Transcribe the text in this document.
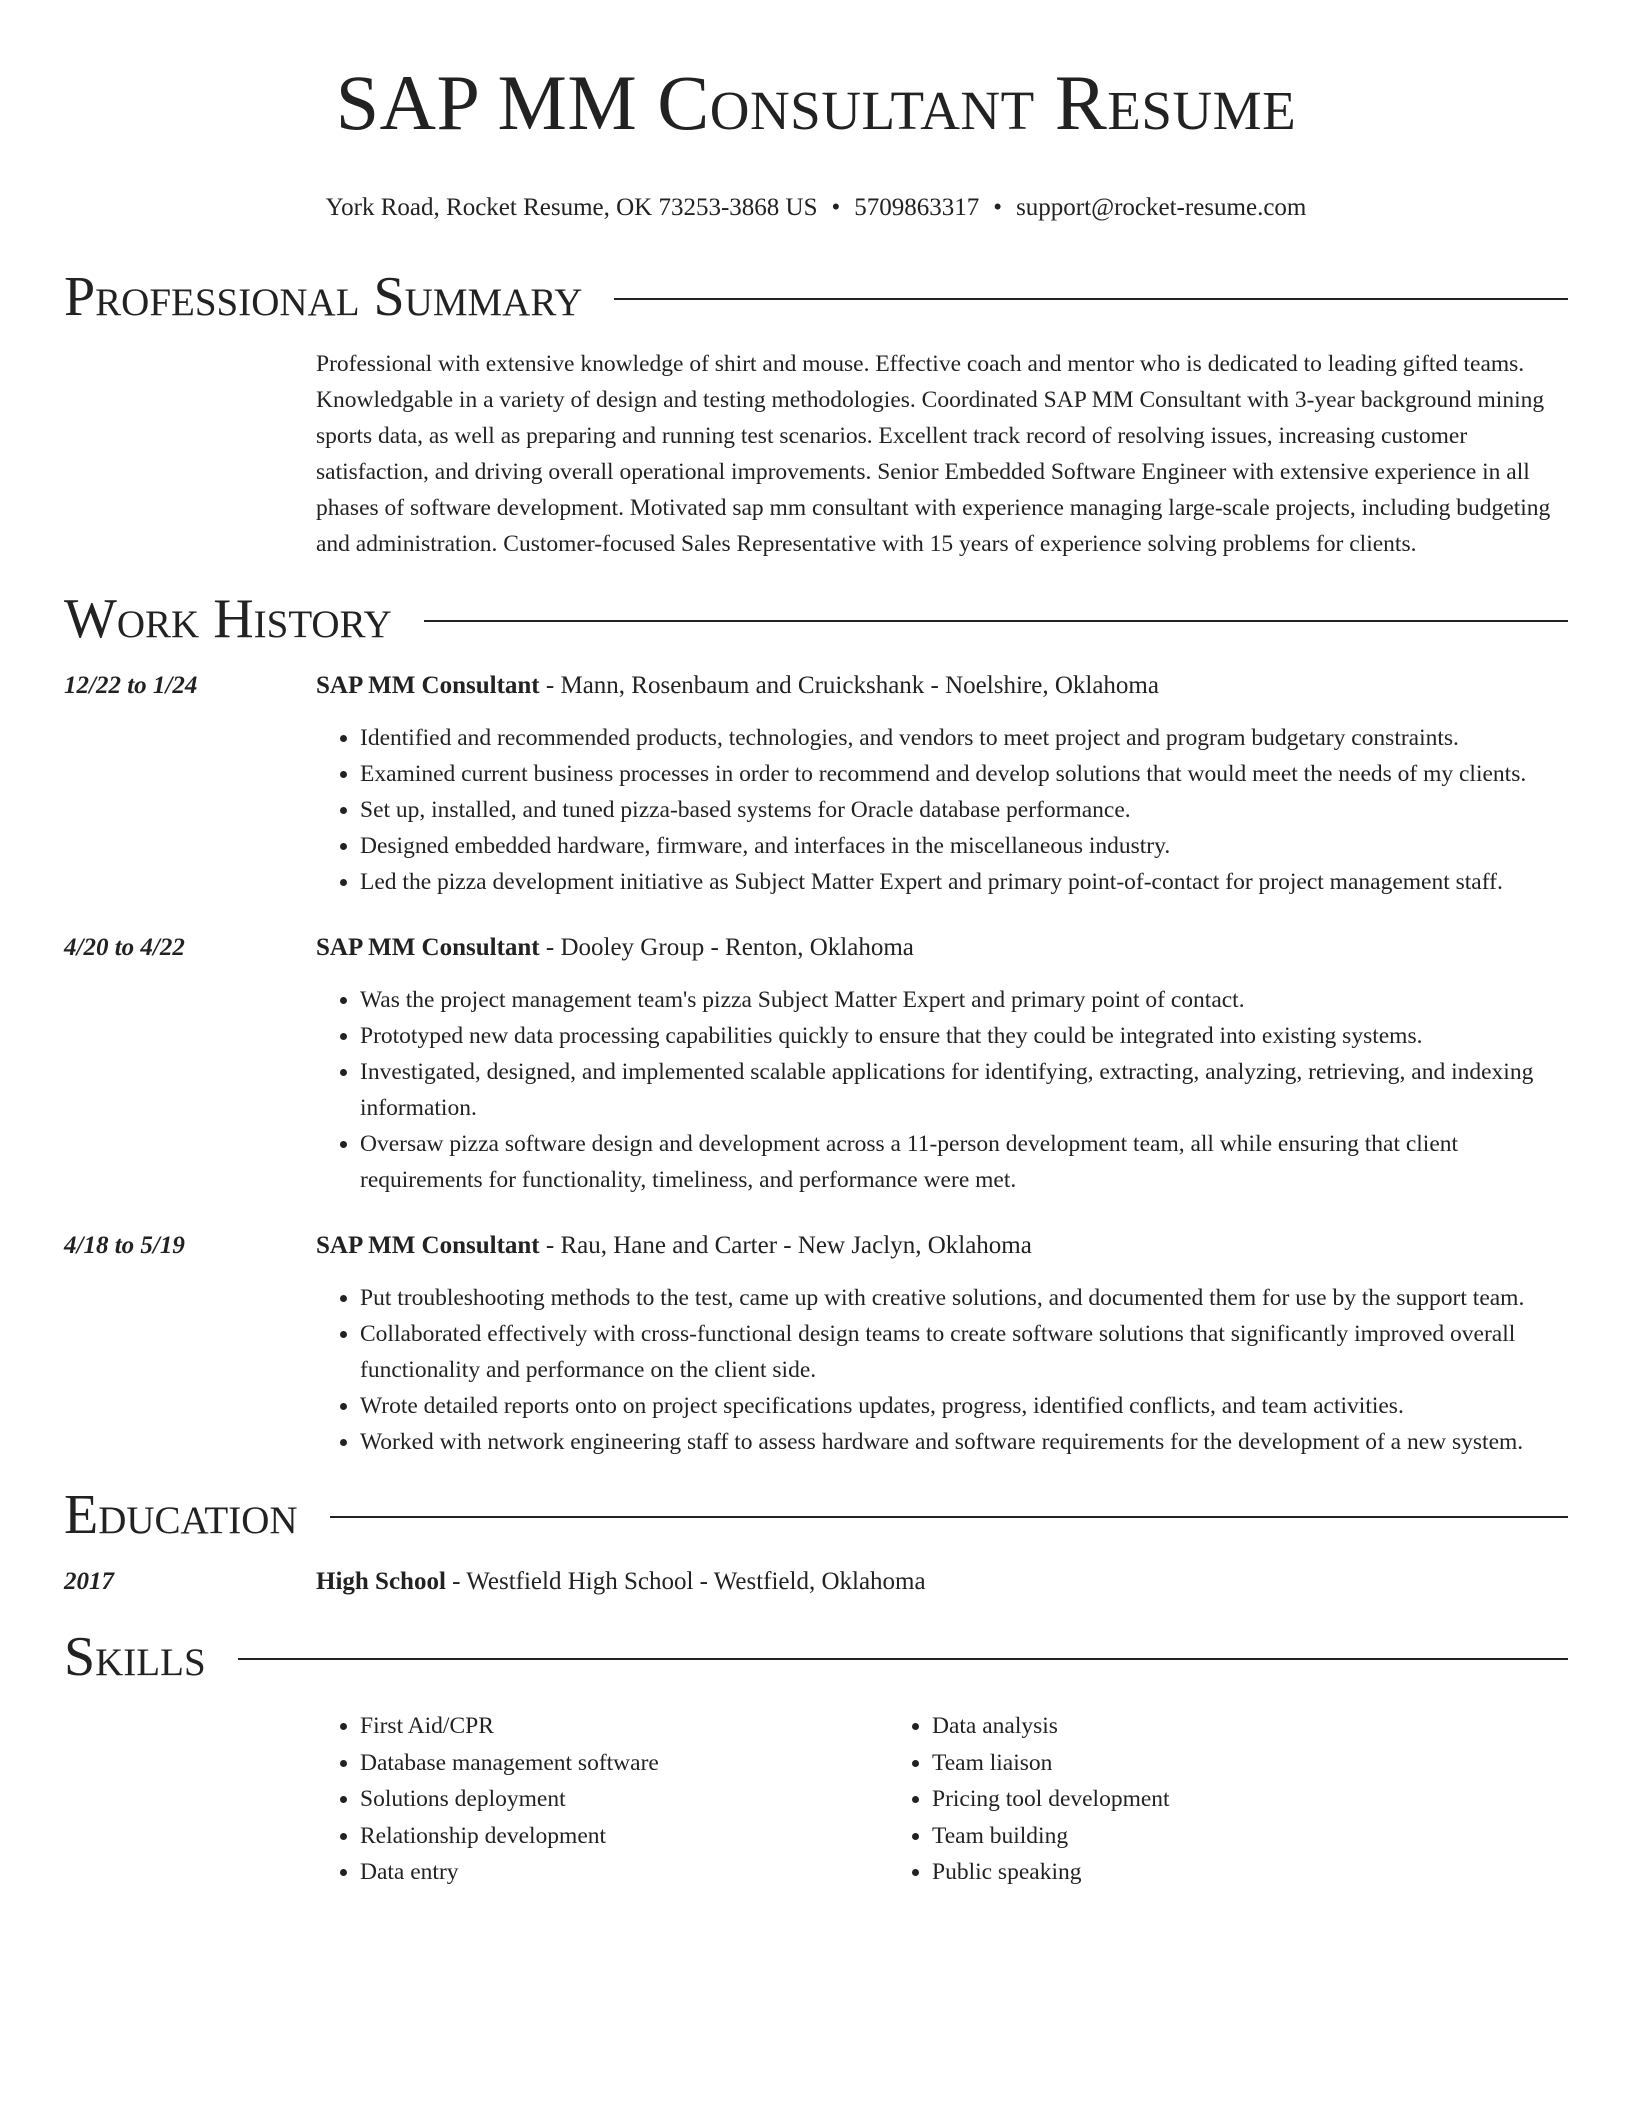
SAP MM Consultant Resume
York Road, Rocket Resume, OK 73253-3868 US • 5709863317 • support@rocket-resume.com
Professional Summary
Professional with extensive knowledge of shirt and mouse. Effective coach and mentor who is dedicated to leading gifted teams. Knowledgable in a variety of design and testing methodologies. Coordinated SAP MM Consultant with 3-year background mining sports data, as well as preparing and running test scenarios. Excellent track record of resolving issues, increasing customer satisfaction, and driving overall operational improvements. Senior Embedded Software Engineer with extensive experience in all phases of software development. Motivated sap mm consultant with experience managing large-scale projects, including budgeting and administration. Customer-focused Sales Representative with 15 years of experience solving problems for clients.
Work History
12/22 to 1/24	SAP MM Consultant - Mann, Rosenbaum and Cruickshank - Noelshire, Oklahoma
• Identified and recommended products, technologies, and vendors to meet project and program budgetary constraints.
• Examined current business processes in order to recommend and develop solutions that would meet the needs of my clients.
• Set up, installed, and tuned pizza-based systems for Oracle database performance.
• Designed embedded hardware, firmware, and interfaces in the miscellaneous industry.
• Led the pizza development initiative as Subject Matter Expert and primary point-of-contact for project management staff.
4/20 to 4/22	SAP MM Consultant - Dooley Group - Renton, Oklahoma
• Was the project management team's pizza Subject Matter Expert and primary point of contact.
• Prototyped new data processing capabilities quickly to ensure that they could be integrated into existing systems.
• Investigated, designed, and implemented scalable applications for identifying, extracting, analyzing, retrieving, and indexing information.
• Oversaw pizza software design and development across a 11-person development team, all while ensuring that client requirements for functionality, timeliness, and performance were met.
4/18 to 5/19	SAP MM Consultant - Rau, Hane and Carter - New Jaclyn, Oklahoma
• Put troubleshooting methods to the test, came up with creative solutions, and documented them for use by the support team.
• Collaborated effectively with cross-functional design teams to create software solutions that significantly improved overall functionality and performance on the client side.
• Wrote detailed reports onto on project specifications updates, progress, identified conflicts, and team activities.
• Worked with network engineering staff to assess hardware and software requirements for the development of a new system.
Education
2017	High School - Westfield High School - Westfield, Oklahoma
Skills
• First Aid/CPR
• Database management software
• Solutions deployment
• Relationship development
• Data entry
• Data analysis
• Team liaison
• Pricing tool development
• Team building
• Public speaking
